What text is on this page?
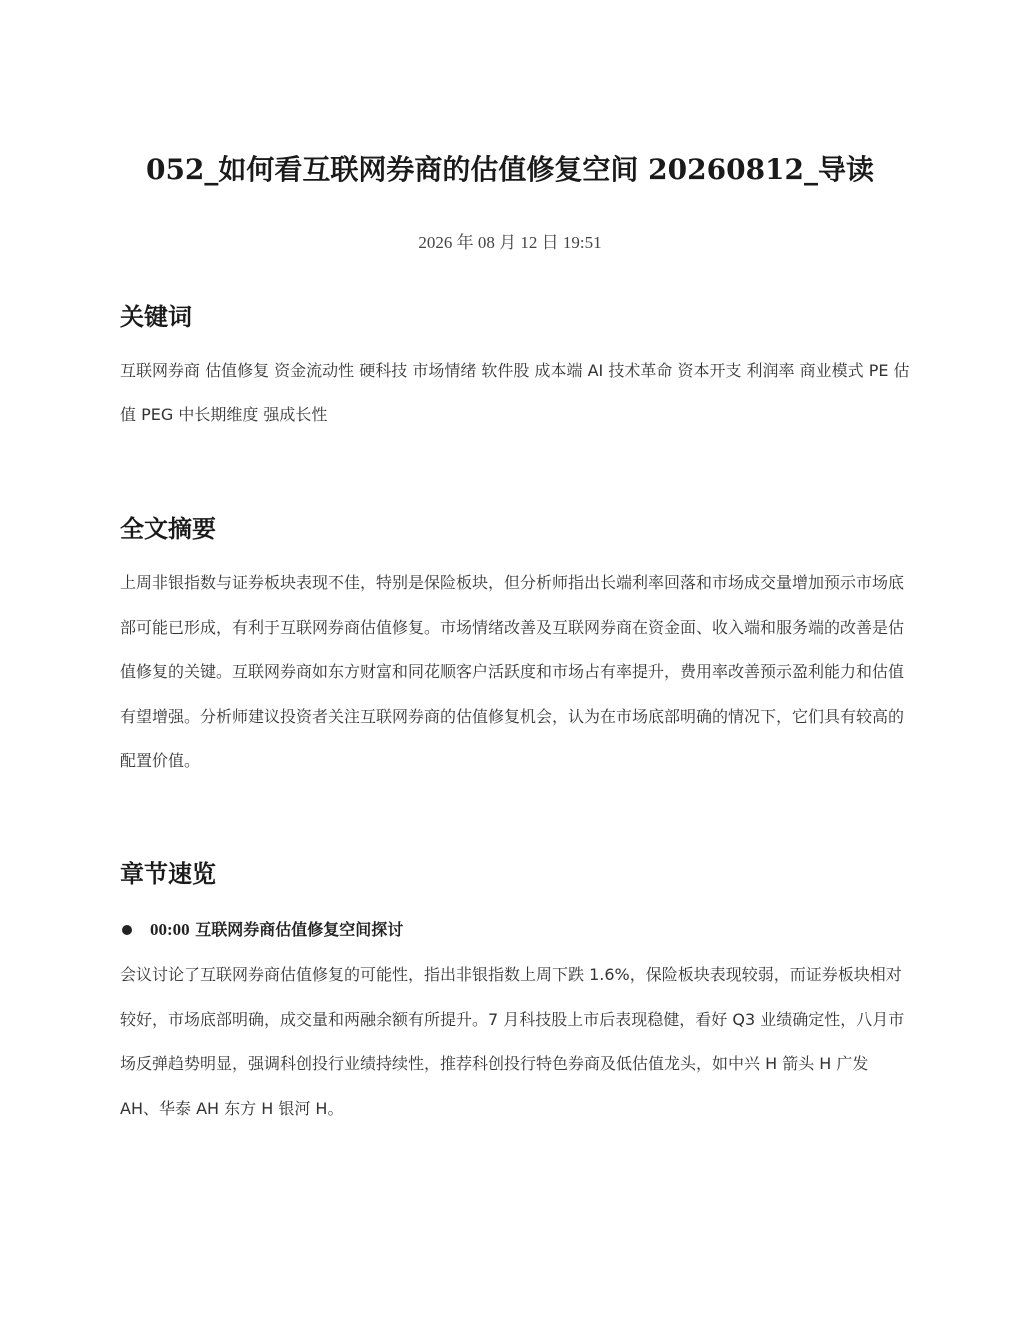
052_如何看互联网券商的估值修复空间 20260812_导读
2026 年 08 月 12 日 19:51
关键词

互联网券商 估值修复 资金流动性 硬科技 市场情绪 软件股 成本端 AI 技术革命 资本开支 利润率 商业模式 PE 估值 PEG 中长期维度 强成长性

全文摘要

上周非银指数与证券板块表现不佳，特别是保险板块，但分析师指出长端利率回落和市场成交量增加预示市场底部可能已形成，有利于互联网券商估值修复。市场情绪改善及互联网券商在资金面、收入端和服务端的改善是估值修复的关键。互联网券商如东方财富和同花顺客户活跃度和市场占有率提升，费用率改善预示盈利能力和估值有望增强。分析师建议投资者关注互联网券商的估值修复机会，认为在市场底部明确的情况下，它们具有较高的配置价值。

章节速览
00:00 互联网券商估值修复空间探讨

会议讨论了互联网券商估值修复的可能性，指出非银指数上周下跌 1.6%，保险板块表现较弱，而证券板块相对较好，市场底部明确，成交量和两融余额有所提升。7 月科技股上市后表现稳健，看好 Q3 业绩确定性，八月市场反弹趋势明显，强调科创投行业绩持续性，推荐科创投行特色券商及低估值龙头，如中兴 H 箭头 H 广发 AH、华泰 AH 东方 H 银河 H。
